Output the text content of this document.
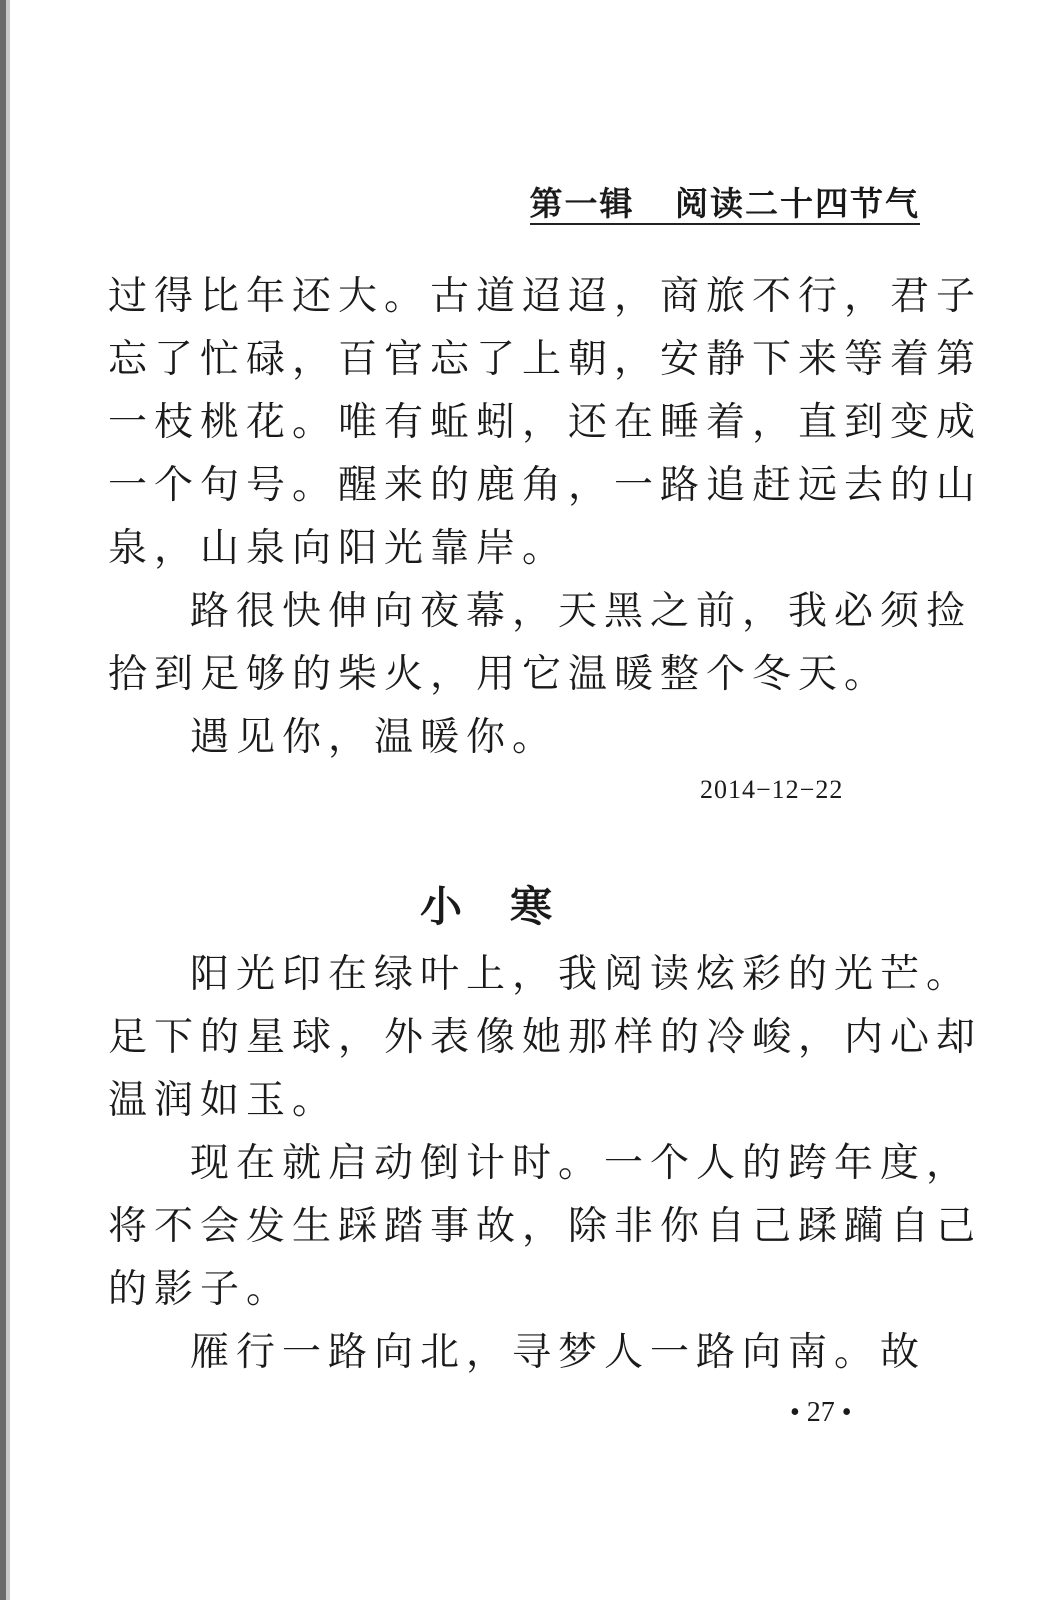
第一辑   阅读二十四节气
过得比年还大。古道迢迢，商旅不行，君子
忘了忙碌，百官忘了上朝，安静下来等着第
一枝桃花。唯有蚯蚓，还在睡着，直到变成
一个句号。醒来的鹿角，一路追赶远去的山
泉，山泉向阳光靠岸。
路很快伸向夜幕，天黑之前，我必须捡
拾到足够的柴火，用它温暖整个冬天。
遇见你，温暖你。
2014−12−22
小寒
阳光印在绿叶上，我阅读炫彩的光芒。
足下的星球，外表像她那样的冷峻，内心却
温润如玉。
现在就启动倒计时。一个人的跨年度，
将不会发生踩踏事故，除非你自己蹂躏自己
的影子。
雁行一路向北，寻梦人一路向南。故
• 27 •
